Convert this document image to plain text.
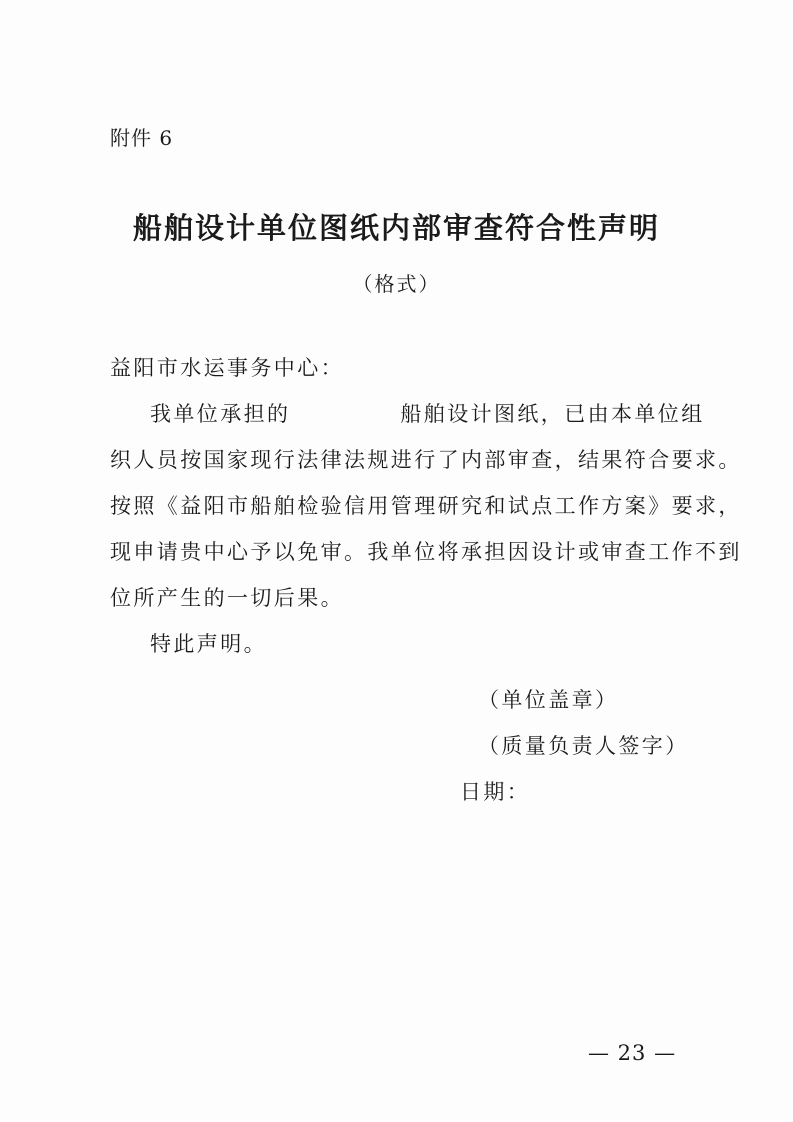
附件 6
船舶设计单位图纸内部审查符合性声明
（格式）
益阳市水运事务中心：
我单位承担的	船舶设计图纸，已由本单位组
织人员按国家现行法律法规进行了内部审查，结果符合要求。
按照《益阳市船舶检验信用管理研究和试点工作方案》要求，
现申请贵中心予以免审。我单位将承担因设计或审查工作不到
位所产生的一切后果。
特此声明。
（单位盖章）
（质量负责人签字）
日期：
— 23 —
